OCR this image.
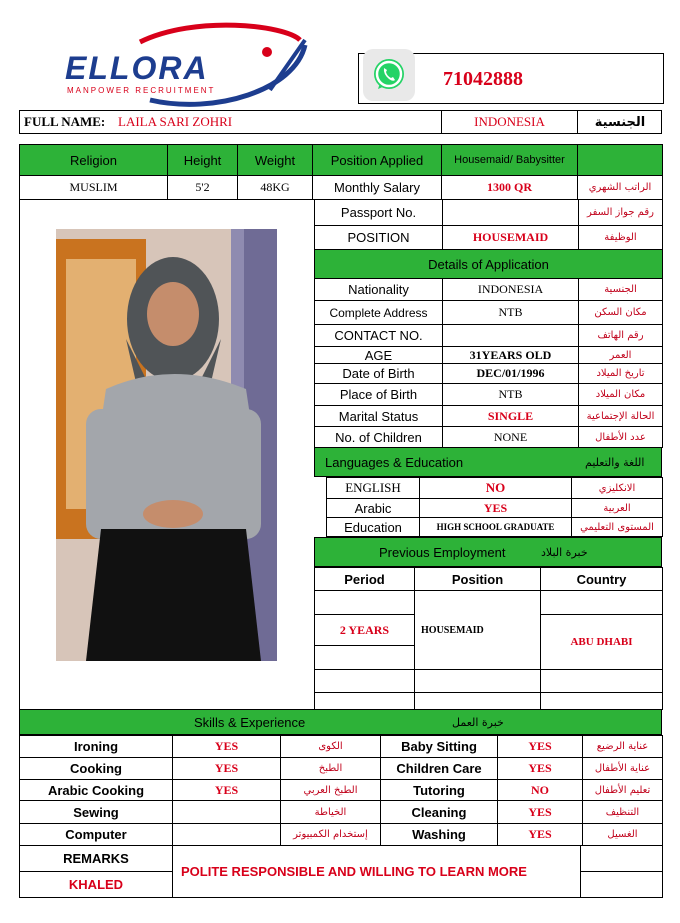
ELLORA
MANPOWER RECRUITMENT
71042888
FULL NAME: LAILA SARI ZOHRI	INDONESIA	الجنسية
Religion	Height	Weight	Position Applied	Housemaid/ Babysitter	
MUSLIM	5'2	48KG	Monthly Salary	1300 QR	الراتب الشهري
Passport No.		رقم جواز السفر
POSITION	HOUSEMAID	الوظيفة
Details of Application		
Nationality	INDONESIA	الجنسية
Complete Address	NTB	مكان السكن
CONTACT NO.		رقم الهاتف
AGE	31YEARS OLD	العمر
Date of Birth	DEC/01/1996	تاريخ الميلاد
Place of Birth	NTB	مكان الميلاد
Marital Status	SINGLE	الحالة الإجتماعية
No. of Children	NONE	عدد الأطفال
Languages & Education	اللغة والتعليم
ENGLISH	NO	الانكليزي
Arabic	YES	العربية
Education	HIGH SCHOOL GRADUATE	المستوى التعليمي
Previous Employment	خبرة البلاد
Period	Position	Country
	HOUSEMAID	
2 YEARS		ABU DHABI

Skills & Experience	خبرة العمل
Ironing	YES	الكوى	Baby Sitting	YES	عناية الرضيع
Cooking	YES	الطبخ	Children Care	YES	عناية الأطفال
Arabic Cooking	YES	الطبخ العربي	Tutoring	NO	تعليم الأطفال
Sewing		الخياطة	Cleaning	YES	التنظيف
Computer		إستخدام الكمبيوتر	Washing	YES	الغسيل
REMARKS	POLITE RESPONSIBLE AND WILLING TO LEARN MORE	
KHALED		
